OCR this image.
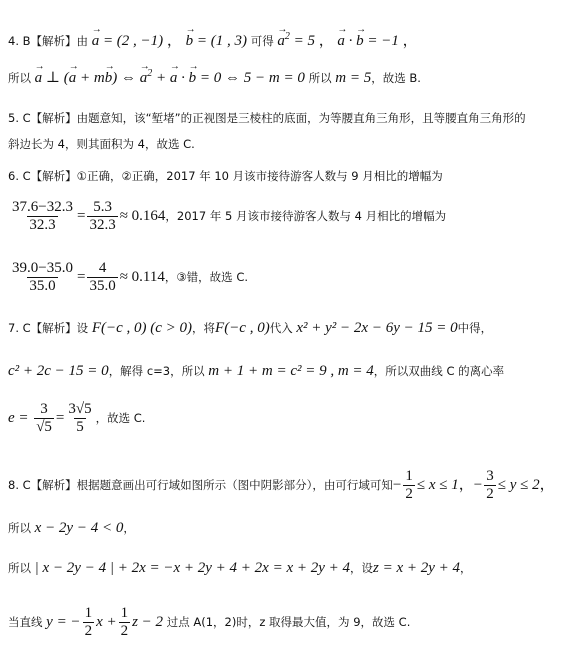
4. B【解析】由 → a = (2 , −1) ， → b = (1 , 3) 可得 → $a^2 = 5$ ， → a · → b = −1 ，
所以 → a ⊥ (→ a + m→ b) ⇔ → $a^2$ + → a · → b = 0 ⇔ 5 − m = 0 所以 m = 5，故选 B.
5. C【解析】由题意知，该“堑堵”的正视图是三棱柱的底面，为等腰直角三角形，且等腰直角三角形的
斜边长为 4，则其面积为 4，故选 C.
6. C【解析】①正确，②正确，2017 年 10 月该市接待游客人数与 9 月相比的增幅为
$\frac{37.6-32.3}{32.3} = \frac{5.3}{32.3} \approx 0.164$，2017 年 5 月该市接待游客人数与 4 月相比的增幅为
$\frac{39.0-35.0}{35.0} = \frac{4}{35.0} \approx 0.114$，③错，故选 C.
7. C【解析】设 F(−c , 0) (c > 0)，将F(−c , 0)代入 x² + y² − 2x − 6y − 15 = 0中得，
c² + 2c − 15 = 0，解得 c=3，所以 m + 1 + m = c² = 9 , m = 4，所以双曲线 C 的离心率
$e = \frac{3}{√5} = \frac{3√5}{5}$ ，故选 C.
8. C【解析】根据题意画出可行域如图所示（图中阴影部分），由可行域可知− $\frac{1}{2} \le x \le 1$，− $\frac{3}{2} \le y \le 2$，
所以 x − 2y − 4 < 0，
所以 | x − 2y − 4 | + 2x = −x + 2y + 4 + 2x = x + 2y + 4，设z = x + 2y + 4，
当直线 y = − $\frac{1}{2}$ $x + \frac{1}{2}$ z − 2 过点 A(1，2)时，z 取得最大值，为 9，故选 C.
